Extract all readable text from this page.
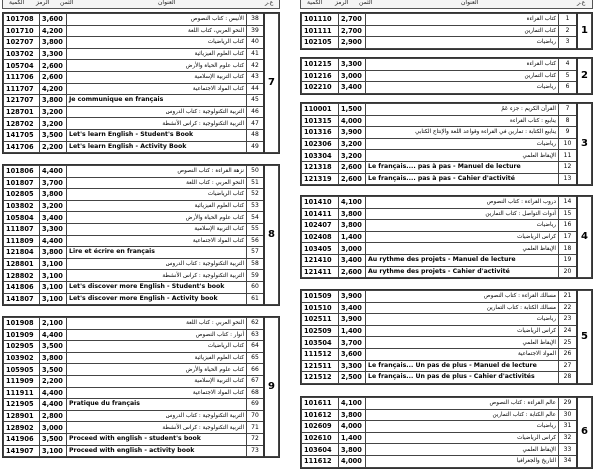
الكمية الرمز الثمن	العنوان	ع.ر
101708	3,600	الأنيس : كتاب النصوص	38	7
101710	4,200	النحو العربي، كتاب اللغة	39	
102707	3,800	كتاب الرياضيات	40	
103702	3,300	كتاب العلوم الفيزيائية	41	
105704	2,600	كتاب علوم الحياة والأرض	42	
111706	2,600	كتاب التربية الإسلامية	43	
111707	4,200	كتاب المواد الاجتماعية	44	
121707	3,800	Je communique en français	45	
128701	3,200	التربية التكنولوجية : كتاب الدروس	46	
128702	3,200	التربية التكنولوجية : كراس الأنشطة	47	
141705	3,500	Let's learn English - Student's Book	48	
141706	2,200	Let's learn English - Activity Book	49	
101806	4,400	نزهة القراءة : كتاب النصوص	50	8
101807	3,700	النحو العربي : كتاب اللغة	51	
102805	3,800	كتاب الرياضيات	52	
103802	3,200	كتاب العلوم الفيزيائية	53	
105804	3,400	كتاب علوم الحياة والأرض	54	
111807	3,300	كتاب التربية الإسلامية	55	
111809	4,400	كتاب المواد الاجتماعية	56	
121804	3,800	Lire et écrire en français	57	
128801	3,100	التربية التكنولوجية : كتاب الدروس	58	
128802	3,100	التربية التكنولوجية : كراس الأنشطة	59	
141806	3,100	Let's discover more English - Student's book	60	
141807	3,100	Let's discover more English - Activity book	61	
101908	2,100	النحو العربي : كتاب اللغة	62	9
101909	4,400	أنوار : كتاب النصوص	63	
102905	3,500	كتاب الرياضيات	64	
103902	3,800	كتاب العلوم الفيزيائية	65	
105905	3,500	كتاب علوم الحياة والأرض	66	
111909	2,200	كتاب التربية الإسلامية	67	
111911	4,400	كتاب المواد الاجتماعية	68	
121905	4,400	Pratique du français	69	
128901	2,800	التربية التكنولوجية : كتاب الدروس	70	
128902	3,000	التربية التكنولوجية : كراس الأنشطة	71	
141906	3,500	Proceed with english - student's book	72	
141907	3,100	Proceed with english - activity book	73	
الكمية الرمز الثمن	العنوان	ع.ر
101110	2,700	كتاب القراءة	1	1
101111	2,700	كتاب التمارين	2	
102105	2,900	رياضيات	3	
101215	3,300	كتاب القراءة	4	2
101216	3,000	كتاب التمارين	5	
102210	3,400	رياضيات	6	
110001	1,500	القرآن الكريم : جزء عَمّ	7	3
101315	4,000	ينابيع : كتاب القراءة	8	
101316	3,900	ينابيع الكتابة : تمارين في القراءة وقواعد اللغة والإنتاج الكتابي	9	
102306	3,200	رياضيات	10	
103304	3,200	الإيقاظ العلمي	11	
121318	2,600	Le français.... pas à pas - Manuel de lecture	12	
121319	2,600	Le français.... pas à pas - Cahier d'activité	13	
101410	4,100	دروب القراءة : كتاب النصوص	14	4
101411	3,800	أدوات التواصل : كتاب التمارين	15	
102407	3,800	رياضيات	16	
102408	1,400	كراس الرياضيات	17	
103405	3,000	الإيقاظ العلمي	18	
121410	3,400	Au rythme des projets - Manuel de lecture	19	
121411	2,600	Au rythme des projets - Cahier d'activité	20	
101509	3,900	مسالك القراءة : كتاب النصوص	21	5
101510	3,400	مسالك الكتابة : كتاب التمارين	22	
102511	3,900	رياضيات	23	
102509	1,400	كراس الرياضيات	24	
103504	3,700	الإيقاظ العلمي	25	
111512	3,600	المواد الاجتماعية	26	
121511	3,300	Le français... Un pas de plus - Manuel de lecture	27	
121512	2,500	Le français... Un pas de plus - Cahier d'activités	28	
101611	4,100	عالم القراءة : كتاب النصوص	29	6
101612	3,800	عالم الكتابة : كتاب التمارين	30	
102609	4,000	رياضيات	31	
102610	1,400	كراس الرياضيات	32	
103604	3,800	الإيقاظ العلمي	33	
111612	4,000	التاريخ والجغرافيا	34	
